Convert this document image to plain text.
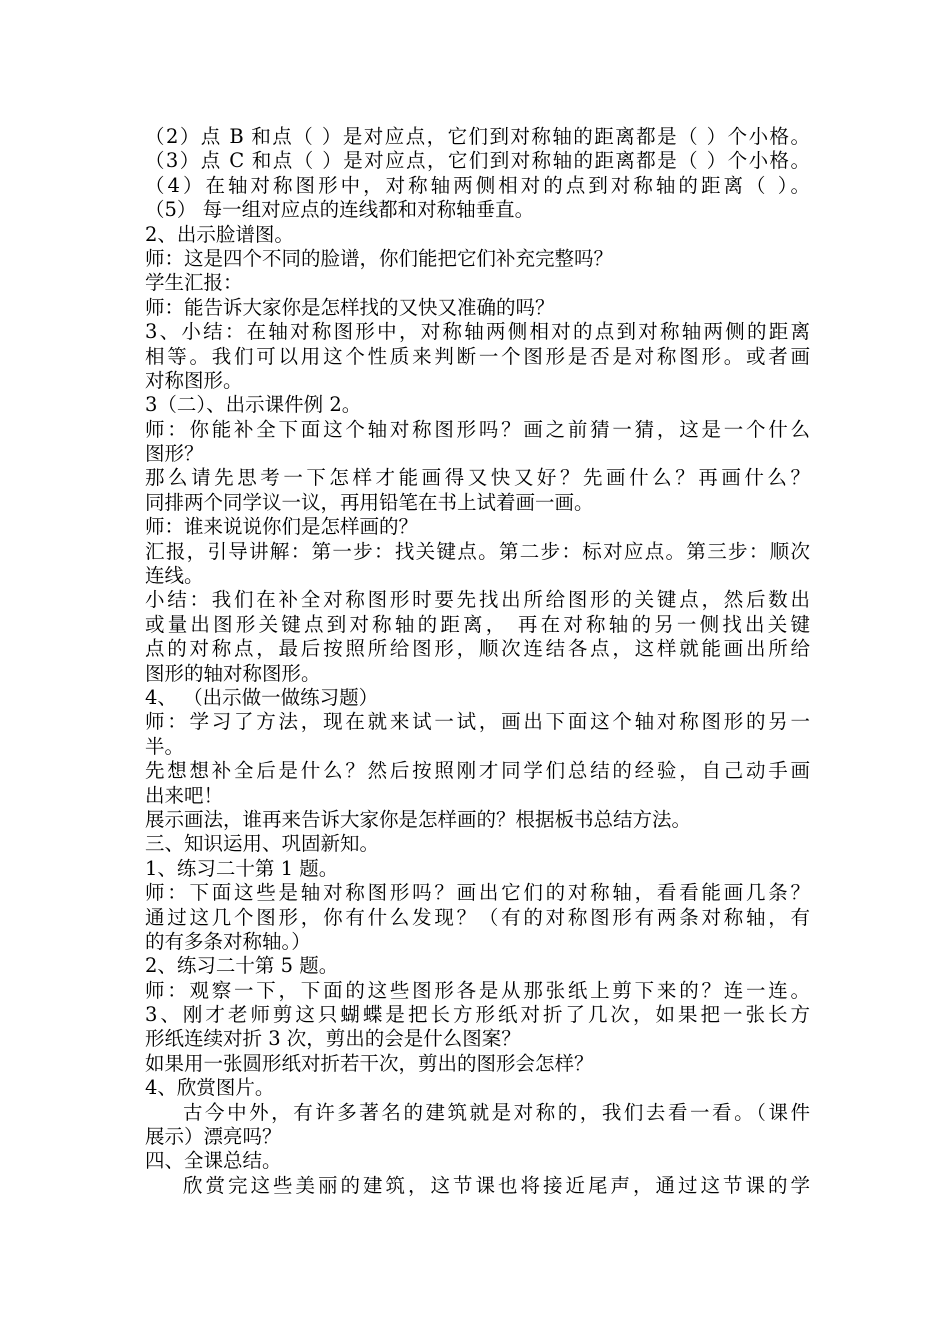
（2）点 B 和点（ ）是对应点，它们到对称轴的距离都是（ ）个小格。
（3）点 C 和点（ ）是对应点，它们到对称轴的距离都是（ ）个小格。
（4）在轴对称图形中，对称轴两侧相对的点到对称轴的距离（ ）。
（5） 每一组对应点的连线都和对称轴垂直。
2、出示脸谱图。
师：这是四个不同的脸谱，你们能把它们补充完整吗？
学生汇报：
师：能告诉大家你是怎样找的又快又准确的吗？
3、小结：在轴对称图形中，对称轴两侧相对的点到对称轴两侧的距离
相等。我们可以用这个性质来判断一个图形是否是对称图形。或者画
对称图形。
3（二）、出示课件例 2。
师：你能补全下面这个轴对称图形吗？画之前猜一猜，这是一个什么
图形？
那么请先思考一下怎样才能画得又快又好？先画什么？再画什么？
同排两个同学议一议，再用铅笔在书上试着画一画。
师：谁来说说你们是怎样画的？
汇报，引导讲解：第一步：找关键点。第二步：标对应点。第三步：顺次
连线。
小结：我们在补全对称图形时要先找出所给图形的关键点，然后数出
或量出图形关键点到对称轴的距离， 再在对称轴的另一侧找出关键
点的对称点，最后按照所给图形，顺次连结各点，这样就能画出所给
图形的轴对称图形。
4、 （出示做一做练习题）
师：学习了方法，现在就来试一试，画出下面这个轴对称图形的另一
半。
先想想补全后是什么？然后按照刚才同学们总结的经验，自己动手画
出来吧！
展示画法，谁再来告诉大家你是怎样画的？根据板书总结方法。
三、知识运用、巩固新知。
1、练习二十第 1 题。
师：下面这些是轴对称图形吗？画出它们的对称轴，看看能画几条？
通过这几个图形，你有什么发现？（有的对称图形有两条对称轴，有
的有多条对称轴。）
2、练习二十第 5 题。
师：观察一下，下面的这些图形各是从那张纸上剪下来的？连一连。
3、刚才老师剪这只蝴蝶是把长方形纸对折了几次，如果把一张长方
形纸连续对折 3 次，剪出的会是什么图案？
如果用一张圆形纸对折若干次，剪出的图形会怎样？
4、欣赏图片。
古今中外，有许多著名的建筑就是对称的，我们去看一看。（课件
展示）漂亮吗？
四、全课总结。
欣赏完这些美丽的建筑，这节课也将接近尾声，通过这节课的学
